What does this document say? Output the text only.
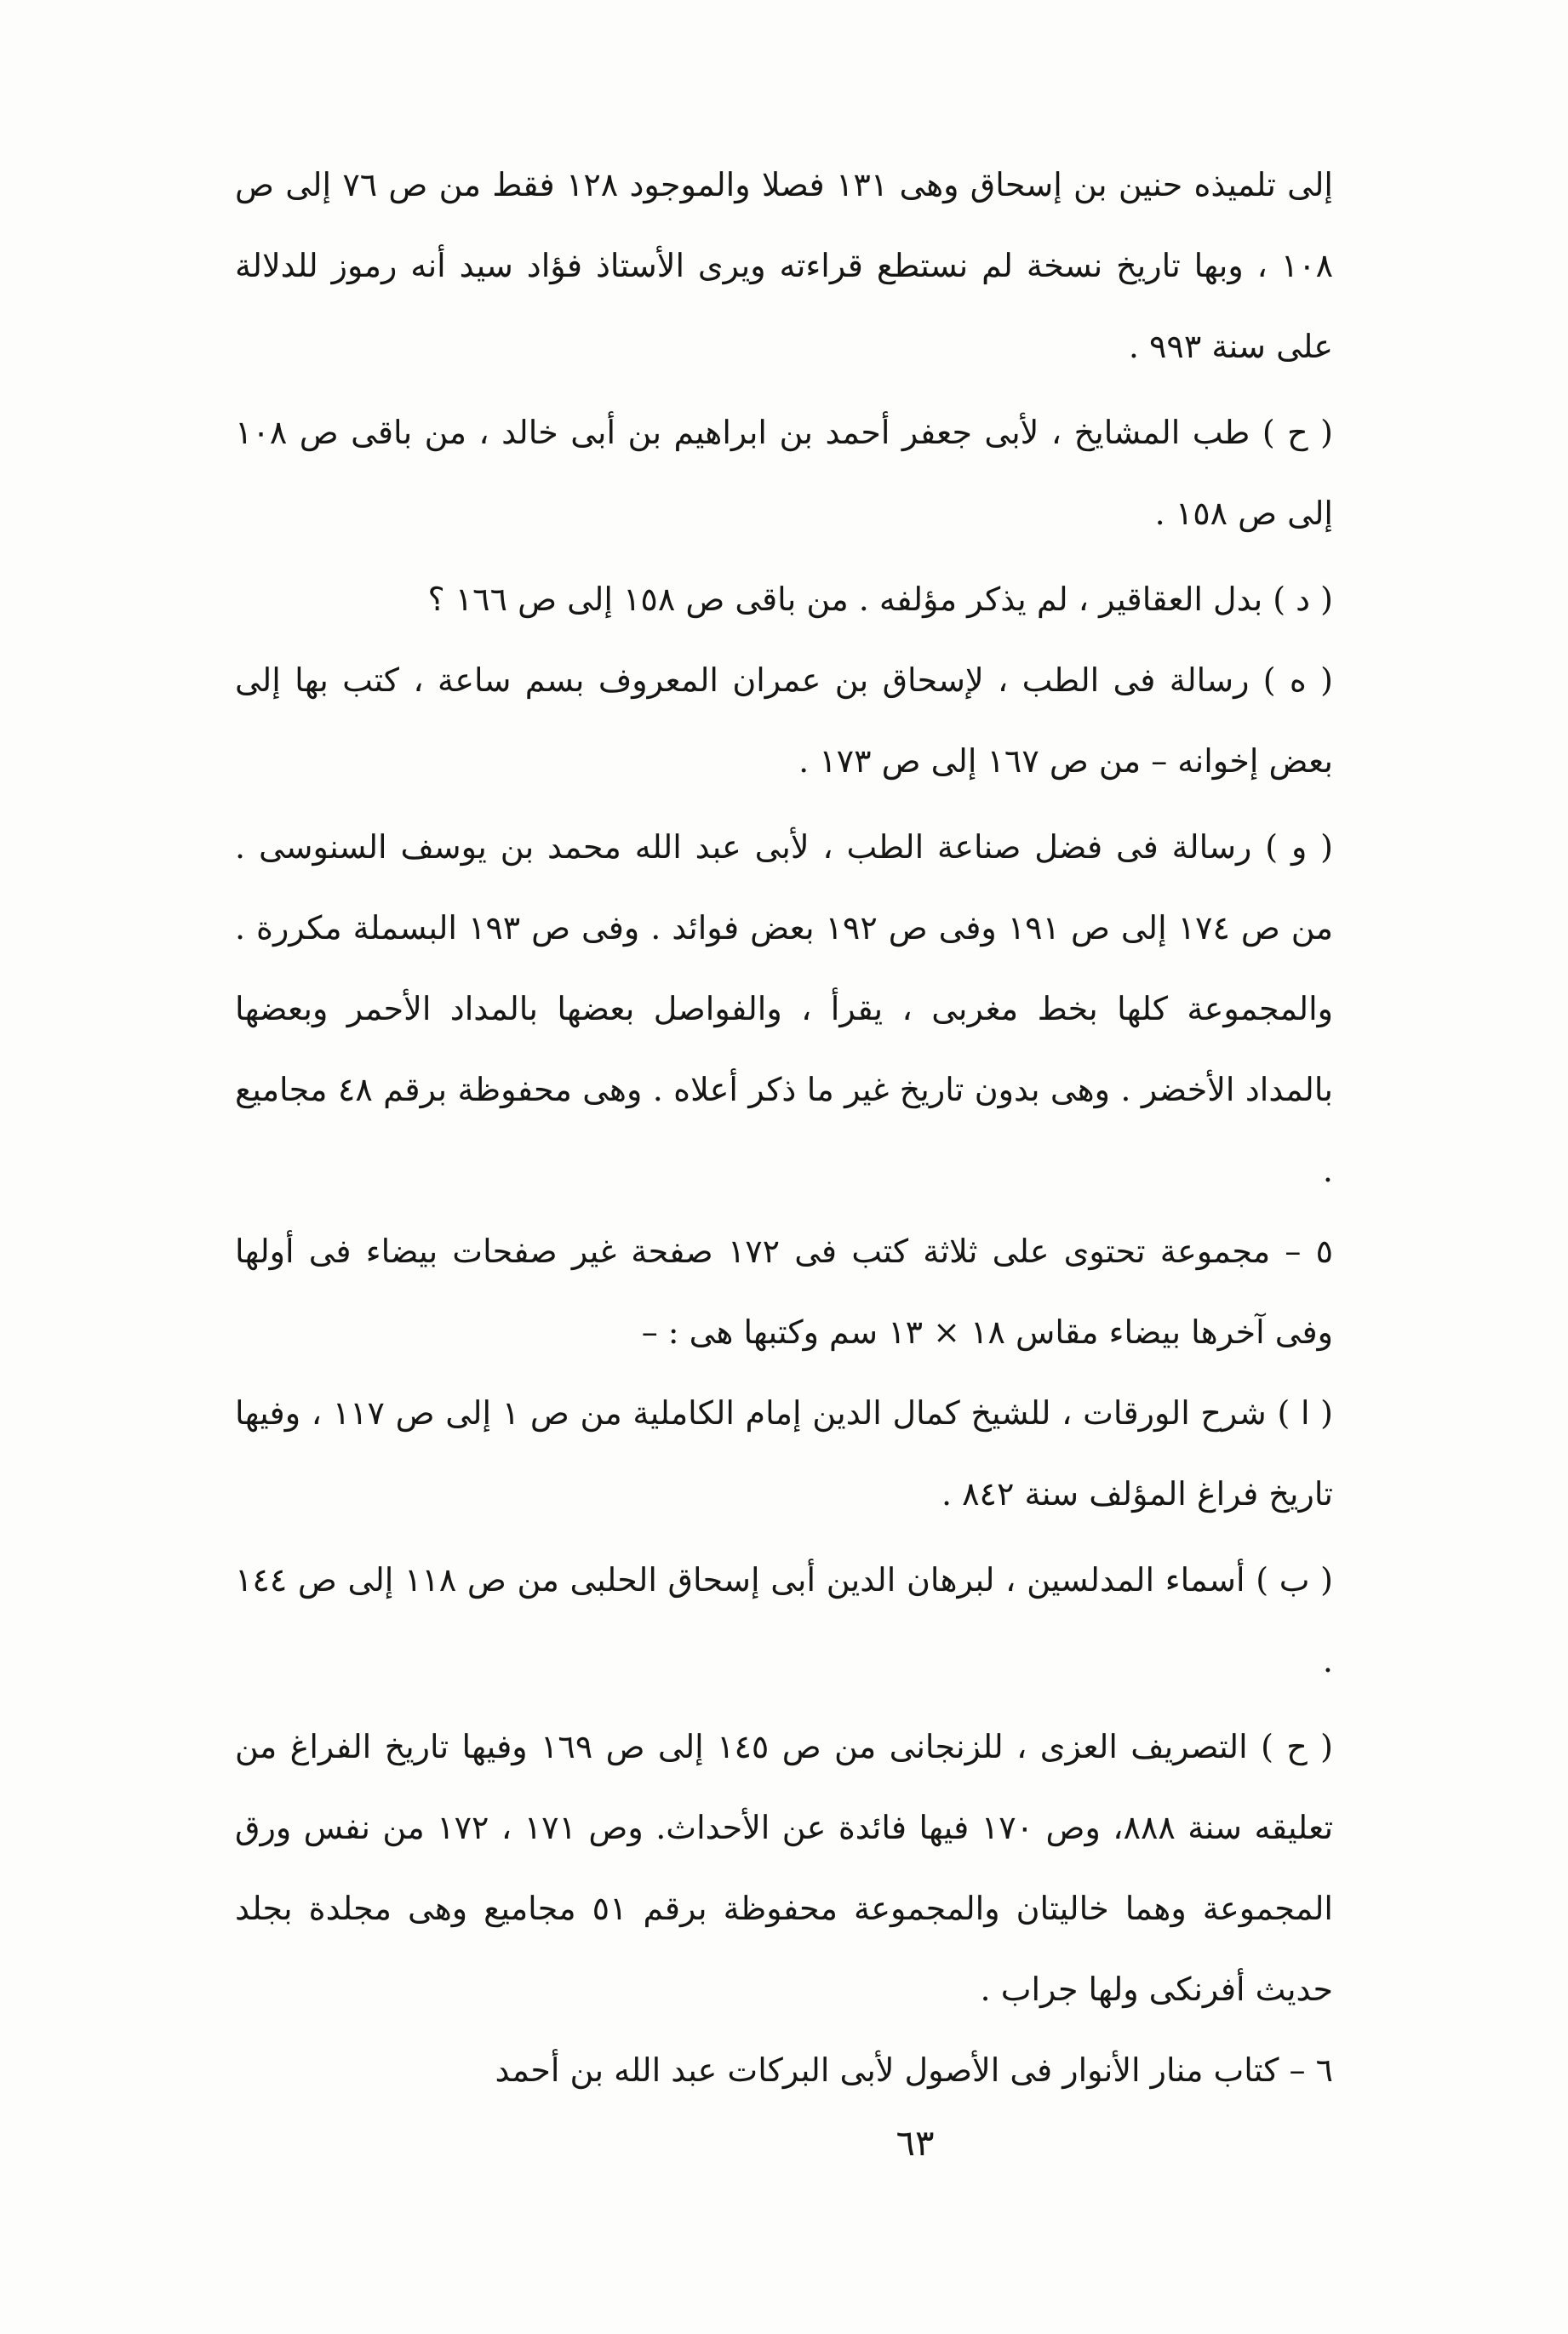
إلى تلميذه حنين بن إسحاق وهى ١٣١ فصلا والموجود ١٢٨ فقط من ص ٧٦ إلى ص ١٠٨ ، وبها تاريخ نسخة لم نستطع قراءته ويرى الأستاذ فؤاد سيد أنه رموز للدلالة على سنة ٩٩٣ .

( ح ) طب المشايخ ، لأبى جعفر أحمد بن ابراهيم بن أبى خالد ، من باقى ص ١٠٨ إلى ص ١٥٨ .

( د ) بدل العقاقير ، لم يذكر مؤلفه . من باقى ص ١٥٨ إلى ص ١٦٦ ؟

( ه ) رسالة فى الطب ، لإسحاق بن عمران المعروف بسم ساعة ، كتب بها إلى بعض إخوانه – من ص ١٦٧ إلى ص ١٧٣ .

( و ) رسالة فى فضل صناعة الطب ، لأبى عبد الله محمد بن يوسف السنوسى . من ص ١٧٤ إلى ص ١٩١ وفى ص ١٩٢ بعض فوائد . وفى ص ١٩٣ البسملة مكررة . والمجموعة كلها بخط مغربى ، يقرأ ، والفواصل بعضها بالمداد الأحمر وبعضها بالمداد الأخضر . وهى بدون تاريخ غير ما ذكر أعلاه . وهى محفوظة برقم ٤٨ مجاميع .

٥ – مجموعة تحتوى على ثلاثة كتب فى ١٧٢ صفحة غير صفحات بيضاء فى أولها وفى آخرها بيضاء مقاس ١٨ × ١٣ سم وكتبها هى : –

( ا ) شرح الورقات ، للشيخ كمال الدين إمام الكاملية من ص ١ إلى ص ١١٧ ، وفيها تاريخ فراغ المؤلف سنة ٨٤٢ .

( ب ) أسماء المدلسين ، لبرهان الدين أبى إسحاق الحلبى من ص ١١٨ إلى ص ١٤٤ .

( ح ) التصريف العزى ، للزنجانى من ص ١٤٥ إلى ص ١٦٩ وفيها تاريخ الفراغ من تعليقه سنة ٨٨٨، وص ١٧٠ فيها فائدة عن الأحداث. وص ١٧١ ، ١٧٢ من نفس ورق المجموعة وهما خاليتان والمجموعة محفوظة برقم ٥١ مجاميع وهى مجلدة بجلد حديث أفرنكى ولها جراب .

٦ – كتاب منار الأنوار فى الأصول لأبى البركات عبد الله بن أحمد

٦٣
